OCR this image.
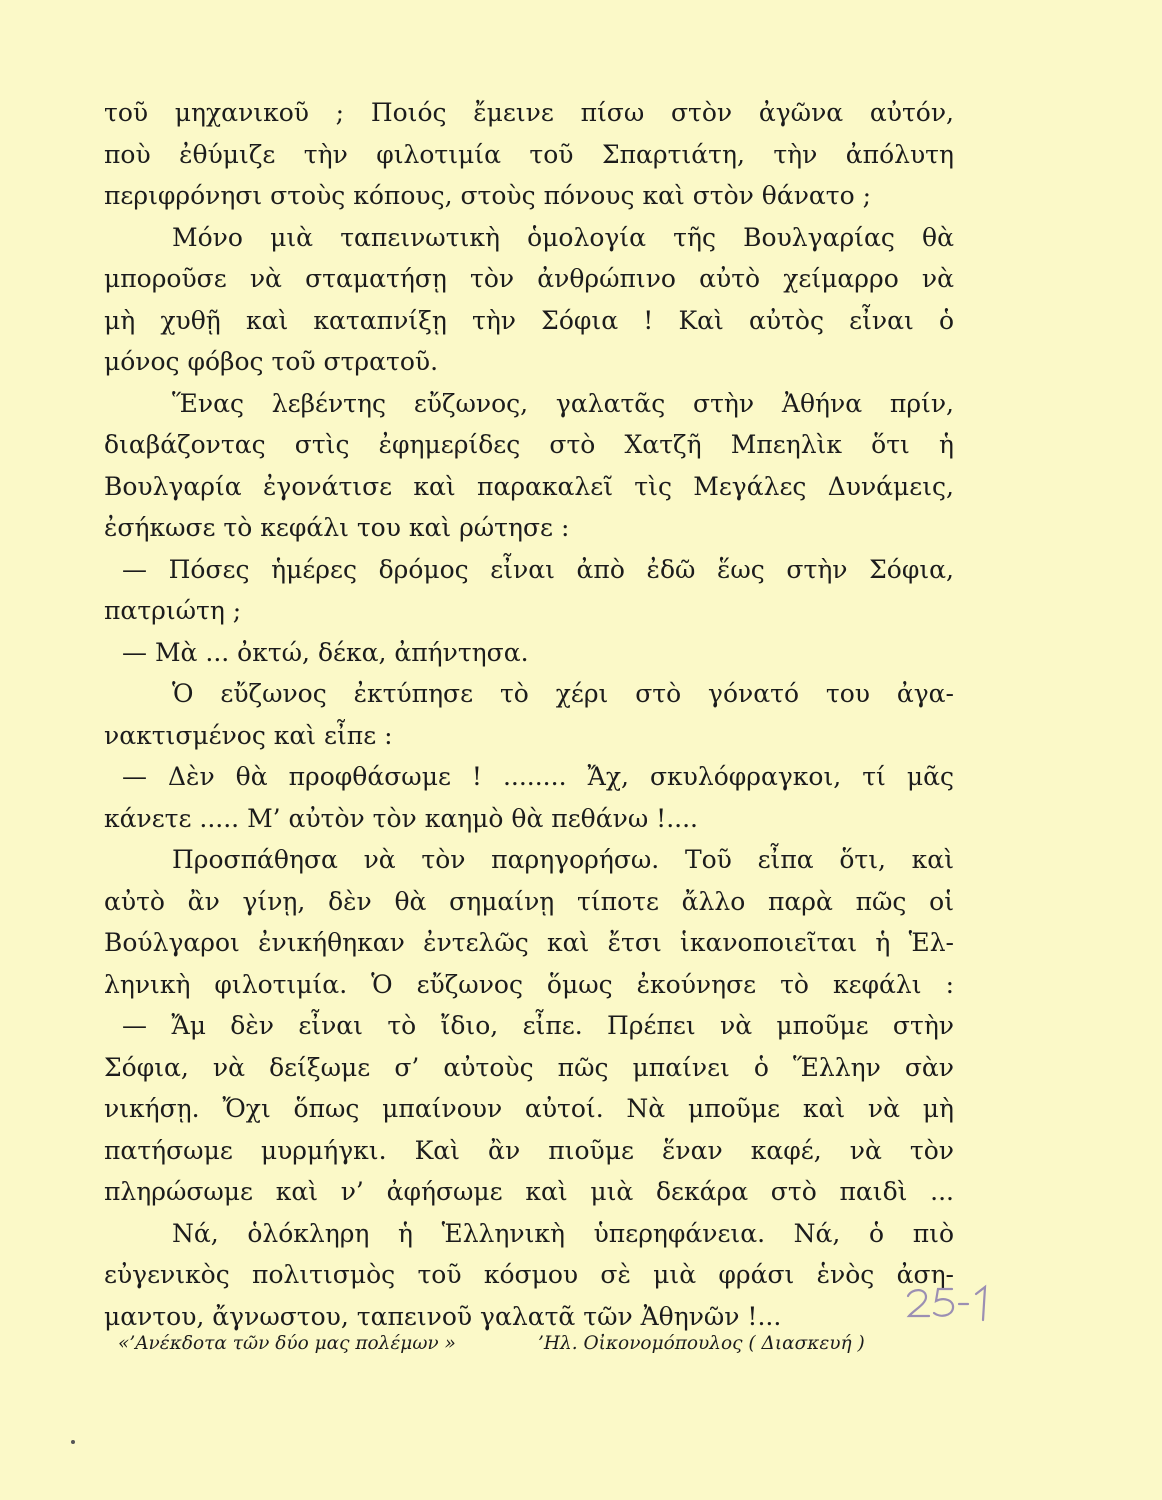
τοῦ μηχανικοῦ ; Ποιός ἔμεινε πίσω στὸν ἀγῶνα αὐτόν,
ποὺ ἐθύμιζε τὴν φιλοτιμία τοῦ Σπαρτιάτη, τὴν ἀπόλυτη
περιφρόνησι στοὺς κόπους, στοὺς πόνους καὶ στὸν θάνατο ;
Μόνο μιὰ ταπεινωτικὴ ὁμολογία τῆς Βουλγαρίας θὰ
μποροῦσε νὰ σταματήσῃ τὸν ἀνθρώπινο αὐτὸ χείμαρρο νὰ
μὴ χυθῇ καὶ καταπνίξῃ τὴν Σόφια ! Καὶ αὐτὸς εἶναι ὁ
μόνος φόβος τοῦ στρατοῦ.
Ἕνας λεβέντης εὔζωνος, γαλατᾶς στὴν Ἀθήνα πρίν,
διαβάζοντας στὶς ἐφημερίδες στὸ Χατζῆ Μπεηλὶκ ὅτι ἡ
Βουλγαρία ἐγονάτισε καὶ παρακαλεῖ τὶς Μεγάλες Δυνάμεις,
ἐσήκωσε τὸ κεφάλι του καὶ ρώτησε :
— Πόσες ἡμέρες δρόμος εἶναι ἀπὸ ἐδῶ ἕως στὴν Σόφια,
πατριώτη ;
— Μὰ ... ὀκτώ, δέκα, ἀπήντησα.
Ὁ εὔζωνος ἐκτύπησε τὸ χέρι στὸ γόνατό του ἀγα-
νακτισμένος καὶ εἶπε :
— Δὲν θὰ προφθάσωμε ! ........ Ἄχ, σκυλόφραγκοι, τί μᾶς
κάνετε ..... Μ’ αὐτὸν τὸν καημὸ θὰ πεθάνω !....
Προσπάθησα νὰ τὸν παρηγορήσω. Τοῦ εἶπα ὅτι, καὶ
αὐτὸ ἂν γίνῃ, δὲν θὰ σημαίνῃ τίποτε ἄλλο παρὰ πῶς οἱ
Βούλγαροι ἐνικήθηκαν ἐντελῶς καὶ ἔτσι ἱκανοποιεῖται ἡ Ἑλ-
ληνικὴ φιλοτιμία. Ὁ εὔζωνος ὅμως ἐκούνησε τὸ κεφάλι :
— Ἄμ δὲν εἶναι τὸ ἴδιο, εἶπε. Πρέπει νὰ μποῦμε στὴν
Σόφια, νὰ δείξωμε σ’ αὐτοὺς πῶς μπαίνει ὁ Ἕλλην σὰν
νικήσῃ. Ὄχι ὅπως μπαίνουν αὐτοί. Νὰ μποῦμε καὶ νὰ μὴ
πατήσωμε μυρμήγκι. Καὶ ἂν πιοῦμε ἕναν καφέ, νὰ τὸν
πληρώσωμε καὶ ν’ ἀφήσωμε καὶ μιὰ δεκάρα στὸ παιδὶ ...
Νά, ὁλόκληρη ἡ Ἑλληνικὴ ὑπερηφάνεια. Νά, ὁ πιὸ
εὐγενικὸς πολιτισμὸς τοῦ κόσμου σὲ μιὰ φράσι ἑνὸς ἀση-
μαντου, ἄγνωστου, ταπεινοῦ γαλατᾶ τῶν Ἀθηνῶν !...
«’Ανέκδοτα τῶν δύο μας πολέμων »	’Ηλ. Οἰκονομόπουλος ( Διασκευή )
